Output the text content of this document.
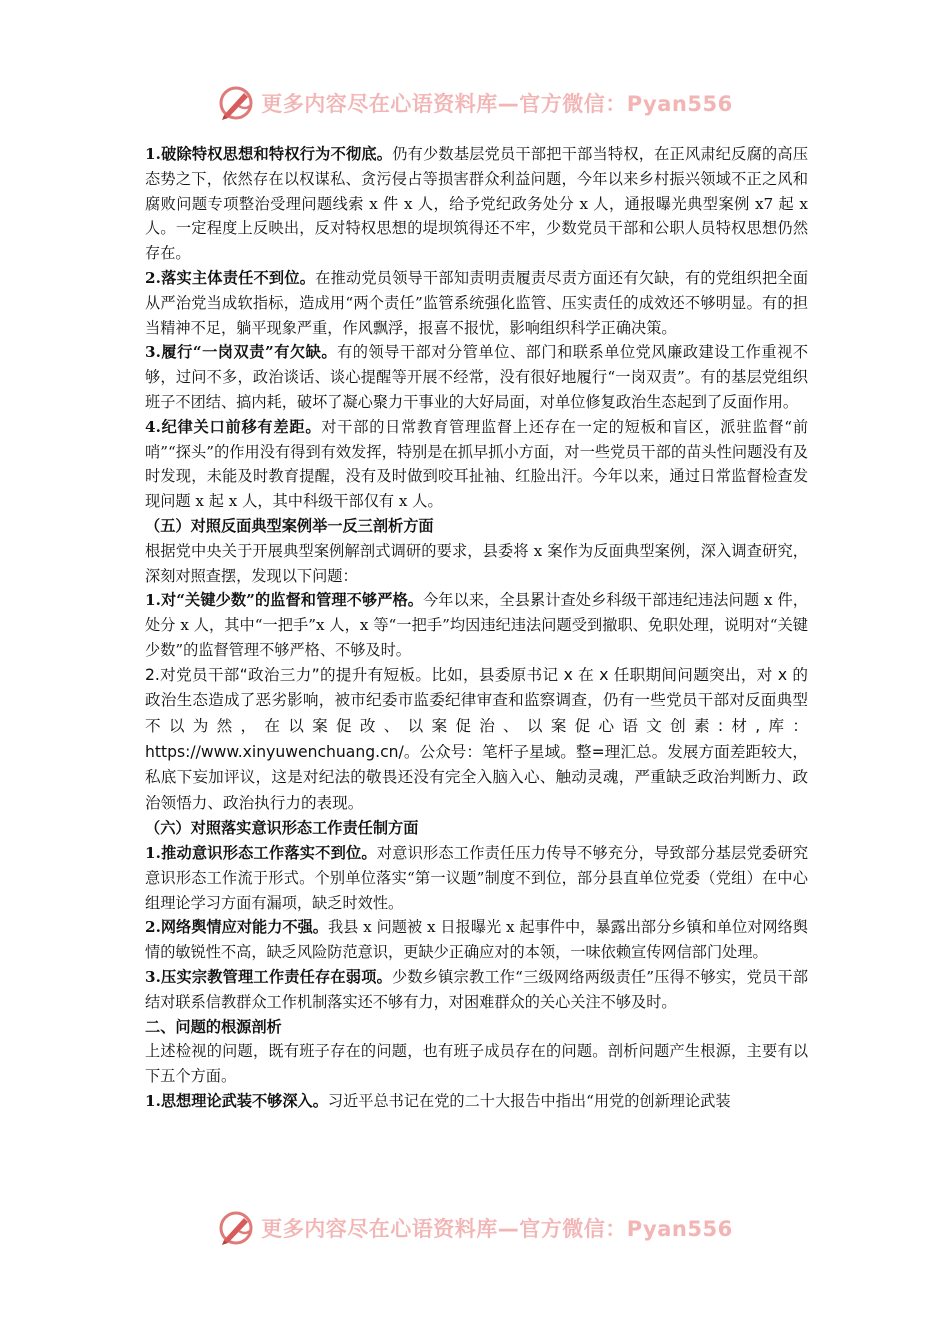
更多内容尽在心语资料库—官方微信：Pyan556

1.破除特权思想和特权行为不彻底。仍有少数基层党员干部把干部当特权，在正风肃纪反腐的高压态势之下，依然存在以权谋私、贪污侵占等损害群众利益问题，今年以来乡村振兴领域不正之风和腐败问题专项整治受理问题线索 x 件 x 人，给予党纪政务处分 x 人，通报曝光典型案例 x7 起 x 人。一定程度上反映出，反对特权思想的堤坝筑得还不牢，少数党员干部和公职人员特权思想仍然存在。

2.落实主体责任不到位。在推动党员领导干部知责明责履责尽责方面还有欠缺，有的党组织把全面从严治党当成软指标，造成用“两个责任”监管系统强化监管、压实责任的成效还不够明显。有的担当精神不足，躺平现象严重，作风飘浮，报喜不报忧，影响组织科学正确决策。

3.履行“一岗双责”有欠缺。有的领导干部对分管单位、部门和联系单位党风廉政建设工作重视不够，过问不多，政治谈话、谈心提醒等开展不经常，没有很好地履行“一岗双责”。有的基层党组织班子不团结、搞内耗，破坏了凝心聚力干事业的大好局面，对单位修复政治生态起到了反面作用。

4.纪律关口前移有差距。对干部的日常教育管理监督上还存在一定的短板和盲区，派驻监督“前哨”“探头”的作用没有得到有效发挥，特别是在抓早抓小方面，对一些党员干部的苗头性问题没有及时发现，未能及时教育提醒，没有及时做到咬耳扯袖、红脸出汗。今年以来，通过日常监督检查发现问题 x 起 x 人，其中科级干部仅有 x 人。

（五）对照反面典型案例举一反三剖析方面

根据党中央关于开展典型案例解剖式调研的要求，县委将 x 案作为反面典型案例，深入调查研究，深刻对照查摆，发现以下问题：

1.对“关键少数”的监督和管理不够严格。今年以来，全县累计查处乡科级干部违纪违法问题 x 件，处分 x 人，其中“一把手”x 人，x 等“一把手”均因违纪违法问题受到撤职、免职处理，说明对“关键少数”的监督管理不够严格、不够及时。

2.对党员干部“政治三力”的提升有短板。比如，县委原书记 x 在 x 任职期间问题突出，对 x 的政治生态造成了恶劣影响，被市纪委市监委纪律审查和监察调查，仍有一些党员干部对反面典型不以为然，在以案促改、以案促治、以案促心语文创素:材,库：https://www.xinyuwenchuang.cn/。公众号：笔杆子星域。整=理汇总。发展方面差距较大，私底下妄加评议，这是对纪法的敬畏还没有完全入脑入心、触动灵魂，严重缺乏政治判断力、政治领悟力、政治执行力的表现。

（六）对照落实意识形态工作责任制方面

1.推动意识形态工作落实不到位。对意识形态工作责任压力传导不够充分，导致部分基层党委研究意识形态工作流于形式。个别单位落实“第一议题”制度不到位，部分县直单位党委（党组）在中心组理论学习方面有漏项，缺乏时效性。

2.网络舆情应对能力不强。我县 x 问题被 x 日报曝光 x 起事件中，暴露出部分乡镇和单位对网络舆情的敏锐性不高，缺乏风险防范意识，更缺少正确应对的本领，一味依赖宣传网信部门处理。

3.压实宗教管理工作责任存在弱项。少数乡镇宗教工作“三级网络两级责任”压得不够实，党员干部结对联系信教群众工作机制落实还不够有力，对困难群众的关心关注不够及时。

二、问题的根源剖析

上述检视的问题，既有班子存在的问题，也有班子成员存在的问题。剖析问题产生根源，主要有以下五个方面。

1.思想理论武装不够深入。习近平总书记在党的二十大报告中指出“用党的创新理论武装

更多内容尽在心语资料库—官方微信：Pyan556
